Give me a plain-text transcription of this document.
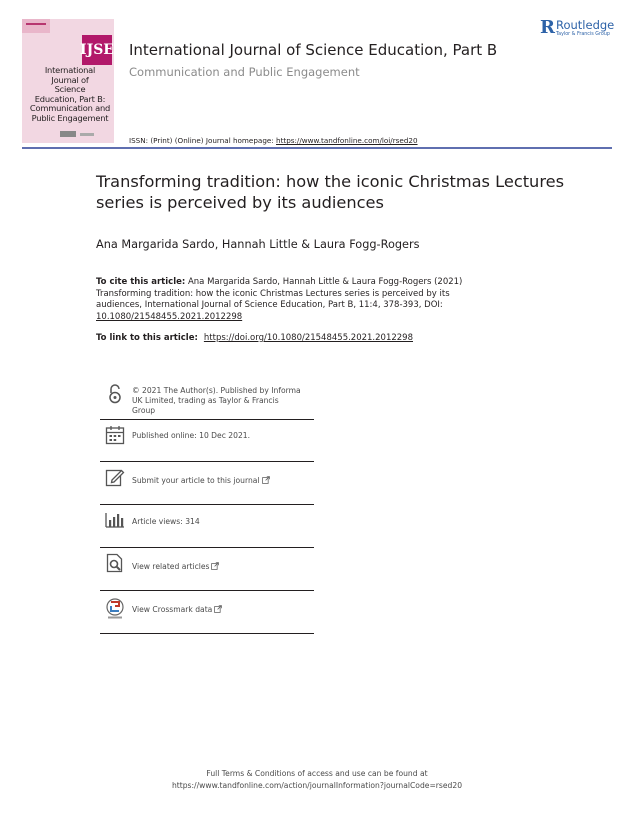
IJSE
International
Journal of
Science
Education, Part B:
Communication and
Public Engagement
International Journal of Science Education, Part B
Communication and Public Engagement
ISSN: (Print) (Online) Journal homepage: https://www.tandfonline.com/loi/rsed20
R Routledge
Taylor & Francis Group
Transforming tradition: how the iconic Christmas Lectures series is perceived by its audiences
Ana Margarida Sardo, Hannah Little & Laura Fogg-Rogers
To cite this article: Ana Margarida Sardo, Hannah Little & Laura Fogg-Rogers (2021) Transforming tradition: how the iconic Christmas Lectures series is perceived by its audiences, International Journal of Science Education, Part B, 11:4, 378-393, DOI: 10.1080/21548455.2021.2012298
To link to this article: https://doi.org/10.1080/21548455.2021.2012298
© 2021 The Author(s). Published by Informa
UK Limited, trading as Taylor & Francis
Group
Published online: 10 Dec 2021.
Submit your article to this journal
Article views: 314
View related articles
View Crossmark data
Full Terms & Conditions of access and use can be found at
https://www.tandfonline.com/action/journalInformation?journalCode=rsed20
